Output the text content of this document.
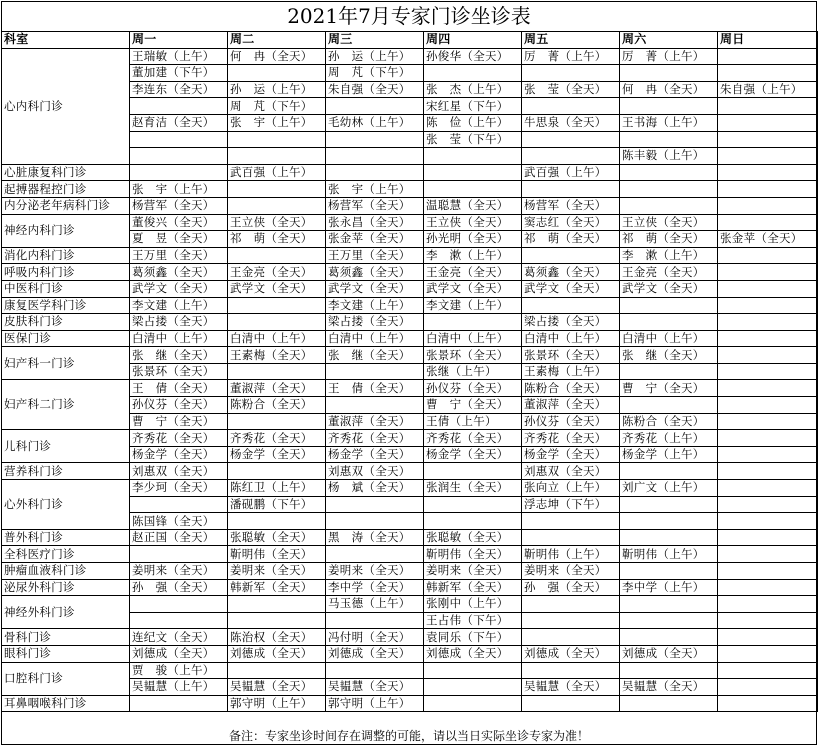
2021年7月专家门诊坐诊表
科室	周一	周二	周三	周四	周五	周六	周日
心内科门诊	王瑞敏（上午）	何　冉（全天）	孙　运（上午）	孙俊华（全天）	厉　菁（上午）	厉　菁（上午）	
	董加建（下午）		周　芃（下午）				
	李连东（全天）	孙　运（上午）	朱自强（全天）	张　杰（上午）	张　莹（全天）	何　冉（全天）	朱自强（上午）
		周　芃（下午）		宋红星（下午）			
	赵育洁（全天）	张　宇（上午）	毛幼林（上午）	陈　俭（上午）	牛思泉（全天）	王书海（上午）	
				张　莹（下午）			
						陈丰毅（上午）	
心脏康复科门诊		武百强（上午）			武百强（上午）		
起搏器程控门诊	张　宇（上午）		张　宇（上午）				
内分泌老年病科门诊	杨营军（全天）		杨营军（全天）	温聪慧（全天）	杨营军（全天）		
神经内科门诊	董俊兴（全天）	王立侠（全天）	张永昌（全天）	王立侠（全天）	窦志红（全天）	王立侠（全天）	
	夏　昱（全天）	祁　萌（全天）	张金苹（全天）	孙光明（全天）	祁　萌（全天）	祁　萌（全天）	张金苹（全天）
消化内科门诊	王万里（全天）		王万里（全天）	李　漱（上午）		李　漱（上午）	
呼吸内科门诊	葛须鑫（全天）	王金亮（全天）	葛须鑫（全天）	王金亮（全天）	葛须鑫（全天）	王金亮（全天）	
中医科门诊	武学文（全天）	武学文（全天）	武学文（全天）	武学文（全天）	武学文（全天）	武学文（全天）	
康复医学科门诊	李文建（上午）		李文建（上午）	李文建（上午）			
皮肤科门诊	梁占搂（全天）		梁占搂（全天）		梁占搂（全天）		
医保门诊	白清中（上午）	白清中（上午）	白清中（上午）	白清中（上午）	白清中（上午）	白清中（上午）	
妇产科一门诊	张　继（全天）	王素梅（全天）	张　继（全天）	张景环（全天）	张景环（全天）	张　继（全天）	
	张景环（全天）			张继（上午）	王素梅（上午）		
妇产科二门诊	王　倩（全天）	董淑萍（全天）	王　倩（全天）	孙仪芬（全天）	陈粉合（全天）	曹　宁（全天）	
	孙仪芬（全天）	陈粉合（全天）		曹　宁（全天）	董淑萍（全天）		
	曹　宁（全天）		董淑萍（全天）	王倩（上午）	孙仪芬（全天）	陈粉合（全天）	
儿科门诊	齐秀花（全天）	齐秀花（全天）	齐秀花（全天）	齐秀花（全天）	齐秀花（全天）	齐秀花（上午）	
	杨金学（全天）	杨金学（全天）	杨金学（全天）	杨金学（全天）	杨金学（全天）	杨金学（上午）	
营养科门诊	刘惠双（全天）		刘惠双（全天）		刘惠双（全天）		
心外科门诊	李少珂（全天）	陈红卫（上午）	杨　斌（全天）	张润生（全天）	张向立（上午）	刘广文（上午）	
		潘砚鹏（下午）			浮志坤（下午）		
	陈国锋（全天）						
普外科门诊	赵正国（全天）	张聪敏（全天）	黑　涛（全天）	张聪敏（全天）			
全科医疗门诊		靳明伟（全天）		靳明伟（全天）	靳明伟（上午）	靳明伟（上午）	
肿瘤血液科门诊	姜明来（全天）	姜明来（全天）	姜明来（全天）	姜明来（全天）	姜明来（全天）		
泌尿外科门诊	孙　强（全天）	韩新军（全天）	李中学（全天）	韩新军（全天）	孙　强（全天）	李中学（上午）	
神经外科门诊			马玉德（上午）	张刚中（上午）			
				王占伟（下午）			
骨科门诊	连纪文（全天）	陈治权（全天）	冯付明（全天）	袁同乐（下午）			
眼科门诊	刘德成（全天）	刘德成（全天）	刘德成（全天）	刘德成（全天）	刘德成（全天）	刘德成（全天）	
口腔科门诊	贾　骏（上午）						
	吴韫慧（上午）	吴韫慧（全天）	吴韫慧（全天）		吴韫慧（全天）	吴韫慧（全天）	
耳鼻咽喉科门诊		郭守明（上午）	郭守明（上午）				
备注：专家坐诊时间存在调整的可能，请以当日实际坐诊专家为准！
